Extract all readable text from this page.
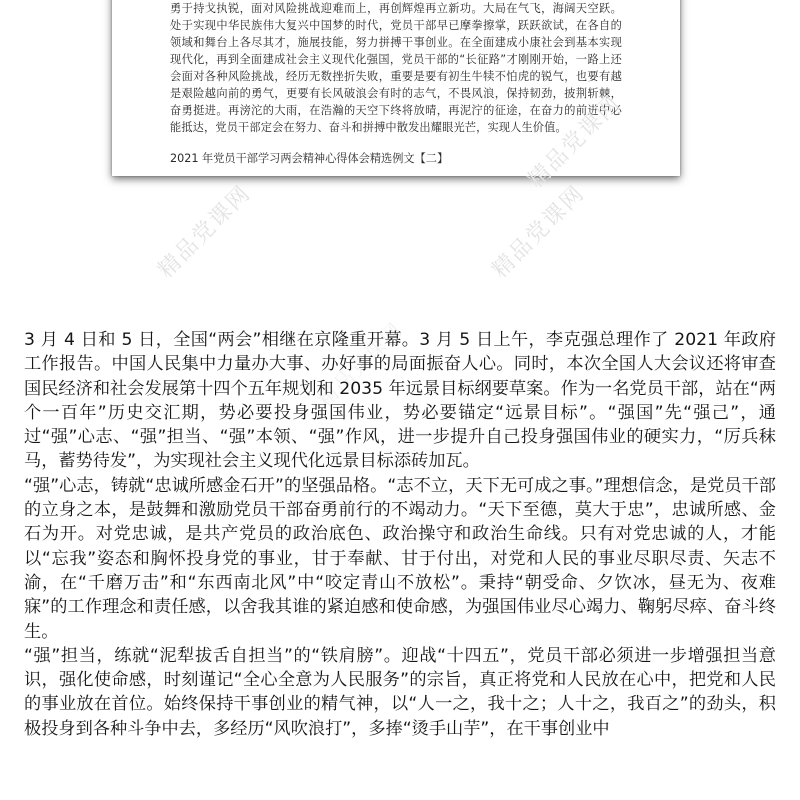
勇于持戈执锐，面对风险挑战迎难而上，再创辉煌再立新功。大局在气飞，海阔天空跃。处于实现中华民族伟大复兴中国梦的时代，党员干部早已摩拳擦掌，跃跃欲试，在各自的领域和舞台上各尽其才，施展技能，努力拼搏干事创业。在全面建成小康社会到基本实现现代化，再到全面建成社会主义现代化强国，党员干部的“长征路”才刚刚开始，一路上还会面对各种风险挑战，经历无数挫折失败，重要是要有初生牛犊不怕虎的锐气，也要有越是艰险越向前的勇气，更要有长风破浪会有时的志气，不畏风浪，保持韧劲，披荆斩棘，奋勇挺进。再滂沱的大雨，在浩瀚的天空下终将放晴，再泥泞的征途，在奋力的前进中必能抵达，党员干部定会在努力、奋斗和拼搏中散发出耀眼光芒，实现人生价值。

2021 年党员干部学习两会精神心得体会精选例文【二】
精品党课网	精品党课网
精品党课网
精品党课网

3 月 4 日和 5 日，全国“两会”相继在京隆重开幕。3 月 5 日上午，李克强总理作了 2021 年政府工作报告。中国人民集中力量办大事、办好事的局面振奋人心。同时，本次全国人大会议还将审查国民经济和社会发展第十四个五年规划和 2035 年远景目标纲要草案。作为一名党员干部，站在“两个一百年”历史交汇期，势必要投身强国伟业，势必要锚定“远景目标”。“强国”先“强己”，通过“强”心志、“强”担当、“强”本领、“强”作风，进一步提升自己投身强国伟业的硬实力，“厉兵秣马，蓄势待发”，为实现社会主义现代化远景目标添砖加瓦。

“强”心志，铸就“忠诚所感金石开”的坚强品格。“志不立，天下无可成之事。”理想信念，是党员干部的立身之本，是鼓舞和激励党员干部奋勇前行的不竭动力。“天下至德，莫大于忠”，忠诚所感、金石为开。对党忠诚，是共产党员的政治底色、政治操守和政治生命线。只有对党忠诚的人，才能以“忘我”姿态和胸怀投身党的事业，甘于奉献、甘于付出，对党和人民的事业尽职尽责、矢志不渝，在“千磨万击”和“东西南北风”中“咬定青山不放松”。秉持“朝受命、夕饮冰，昼无为、夜难寐”的工作理念和责任感，以舍我其谁的紧迫感和使命感，为强国伟业尽心竭力、鞠躬尽瘁、奋斗终生。

“强”担当，练就“泥犁拔舌自担当”的“铁肩膀”。迎战“十四五”，党员干部必须进一步增强担当意识，强化使命感，时刻谨记“全心全意为人民服务”的宗旨，真正将党和人民放在心中，把党和人民的事业放在首位。始终保持干事创业的精气神，以“人一之，我十之；人十之，我百之”的劲头，积极投身到各种斗争中去，多经历“风吹浪打”，多捧“烫手山芋”，在干事创业中
